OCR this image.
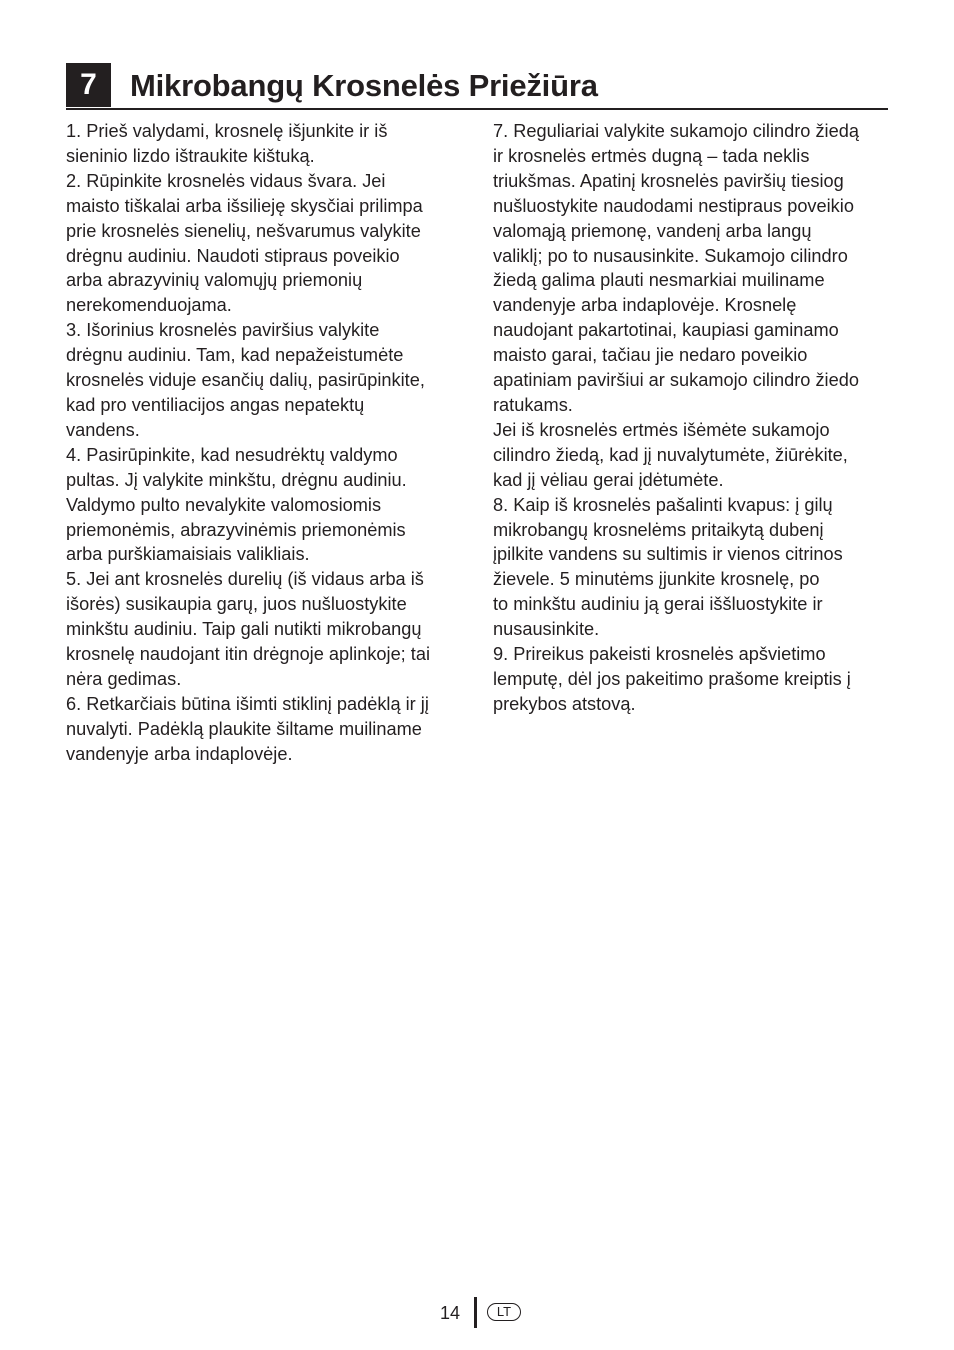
7	Mikrobangų Krosnelės Priežiūra

1. Prieš valydami, krosnelę išjunkite ir iš
sieninio lizdo ištraukite kištuką.

2. Rūpinkite krosnelės vidaus švara. Jei
maisto tiškalai arba išsilieję skysčiai prilimpa
prie krosnelės sienelių, nešvarumus valykite
drėgnu audiniu. Naudoti stipraus poveikio
arba abrazyvinių valomųjų priemonių
nerekomenduojama.

3. Išorinius krosnelės paviršius valykite
drėgnu audiniu. Tam, kad nepažeistumėte
krosnelės viduje esančių dalių, pasirūpinkite,
kad pro ventiliacijos angas nepatektų
vandens.

4. Pasirūpinkite, kad nesudrėktų valdymo
pultas. Jį valykite minkštu, drėgnu audiniu.
Valdymo pulto nevalykite valomosiomis
priemonėmis, abrazyvinėmis priemonėmis
arba purškiamaisiais valikliais.

5. Jei ant krosnelės durelių (iš vidaus arba iš
išorės) susikaupia garų, juos nušluostykite
minkštu audiniu. Taip gali nutikti mikrobangų
krosnelę naudojant itin drėgnoje aplinkoje; tai
nėra gedimas.

6. Retkarčiais būtina išimti stiklinį padėklą ir jį
nuvalyti. Padėklą plaukite šiltame muiliname
vandenyje arba indaplovėje.

7. Reguliariai valykite sukamojo cilindro žiedą
ir krosnelės ertmės dugną – tada neklis
triukšmas. Apatinį krosnelės paviršių tiesiog
nušluostykite naudodami nestipraus poveikio
valomąją priemonę, vandenį arba langų
valiklį; po to nusausinkite. Sukamojo cilindro
žiedą galima plauti nesmarkiai muiliname
vandenyje arba indaplovėje. Krosnelę
naudojant pakartotinai, kaupiasi gaminamo
maisto garai, tačiau jie nedaro poveikio
apatiniam paviršiui ar sukamojo cilindro žiedo
ratukams.

Jei iš krosnelės ertmės išėmėte sukamojo
cilindro žiedą, kad jį nuvalytumėte, žiūrėkite,
kad jį vėliau gerai įdėtumėte.

8. Kaip iš krosnelės pašalinti kvapus: į gilų
mikrobangų krosnelėms pritaikytą dubenį
įpilkite vandens su sultimis ir vienos citrinos
žievele. 5 minutėms įjunkite krosnelę, po
to minkštu audiniu ją gerai iššluostykite ir
nusausinkite.

9. Prireikus pakeisti krosnelės apšvietimo
lemputę, dėl jos pakeitimo prašome kreiptis į
prekybos atstovą.

14	LT
